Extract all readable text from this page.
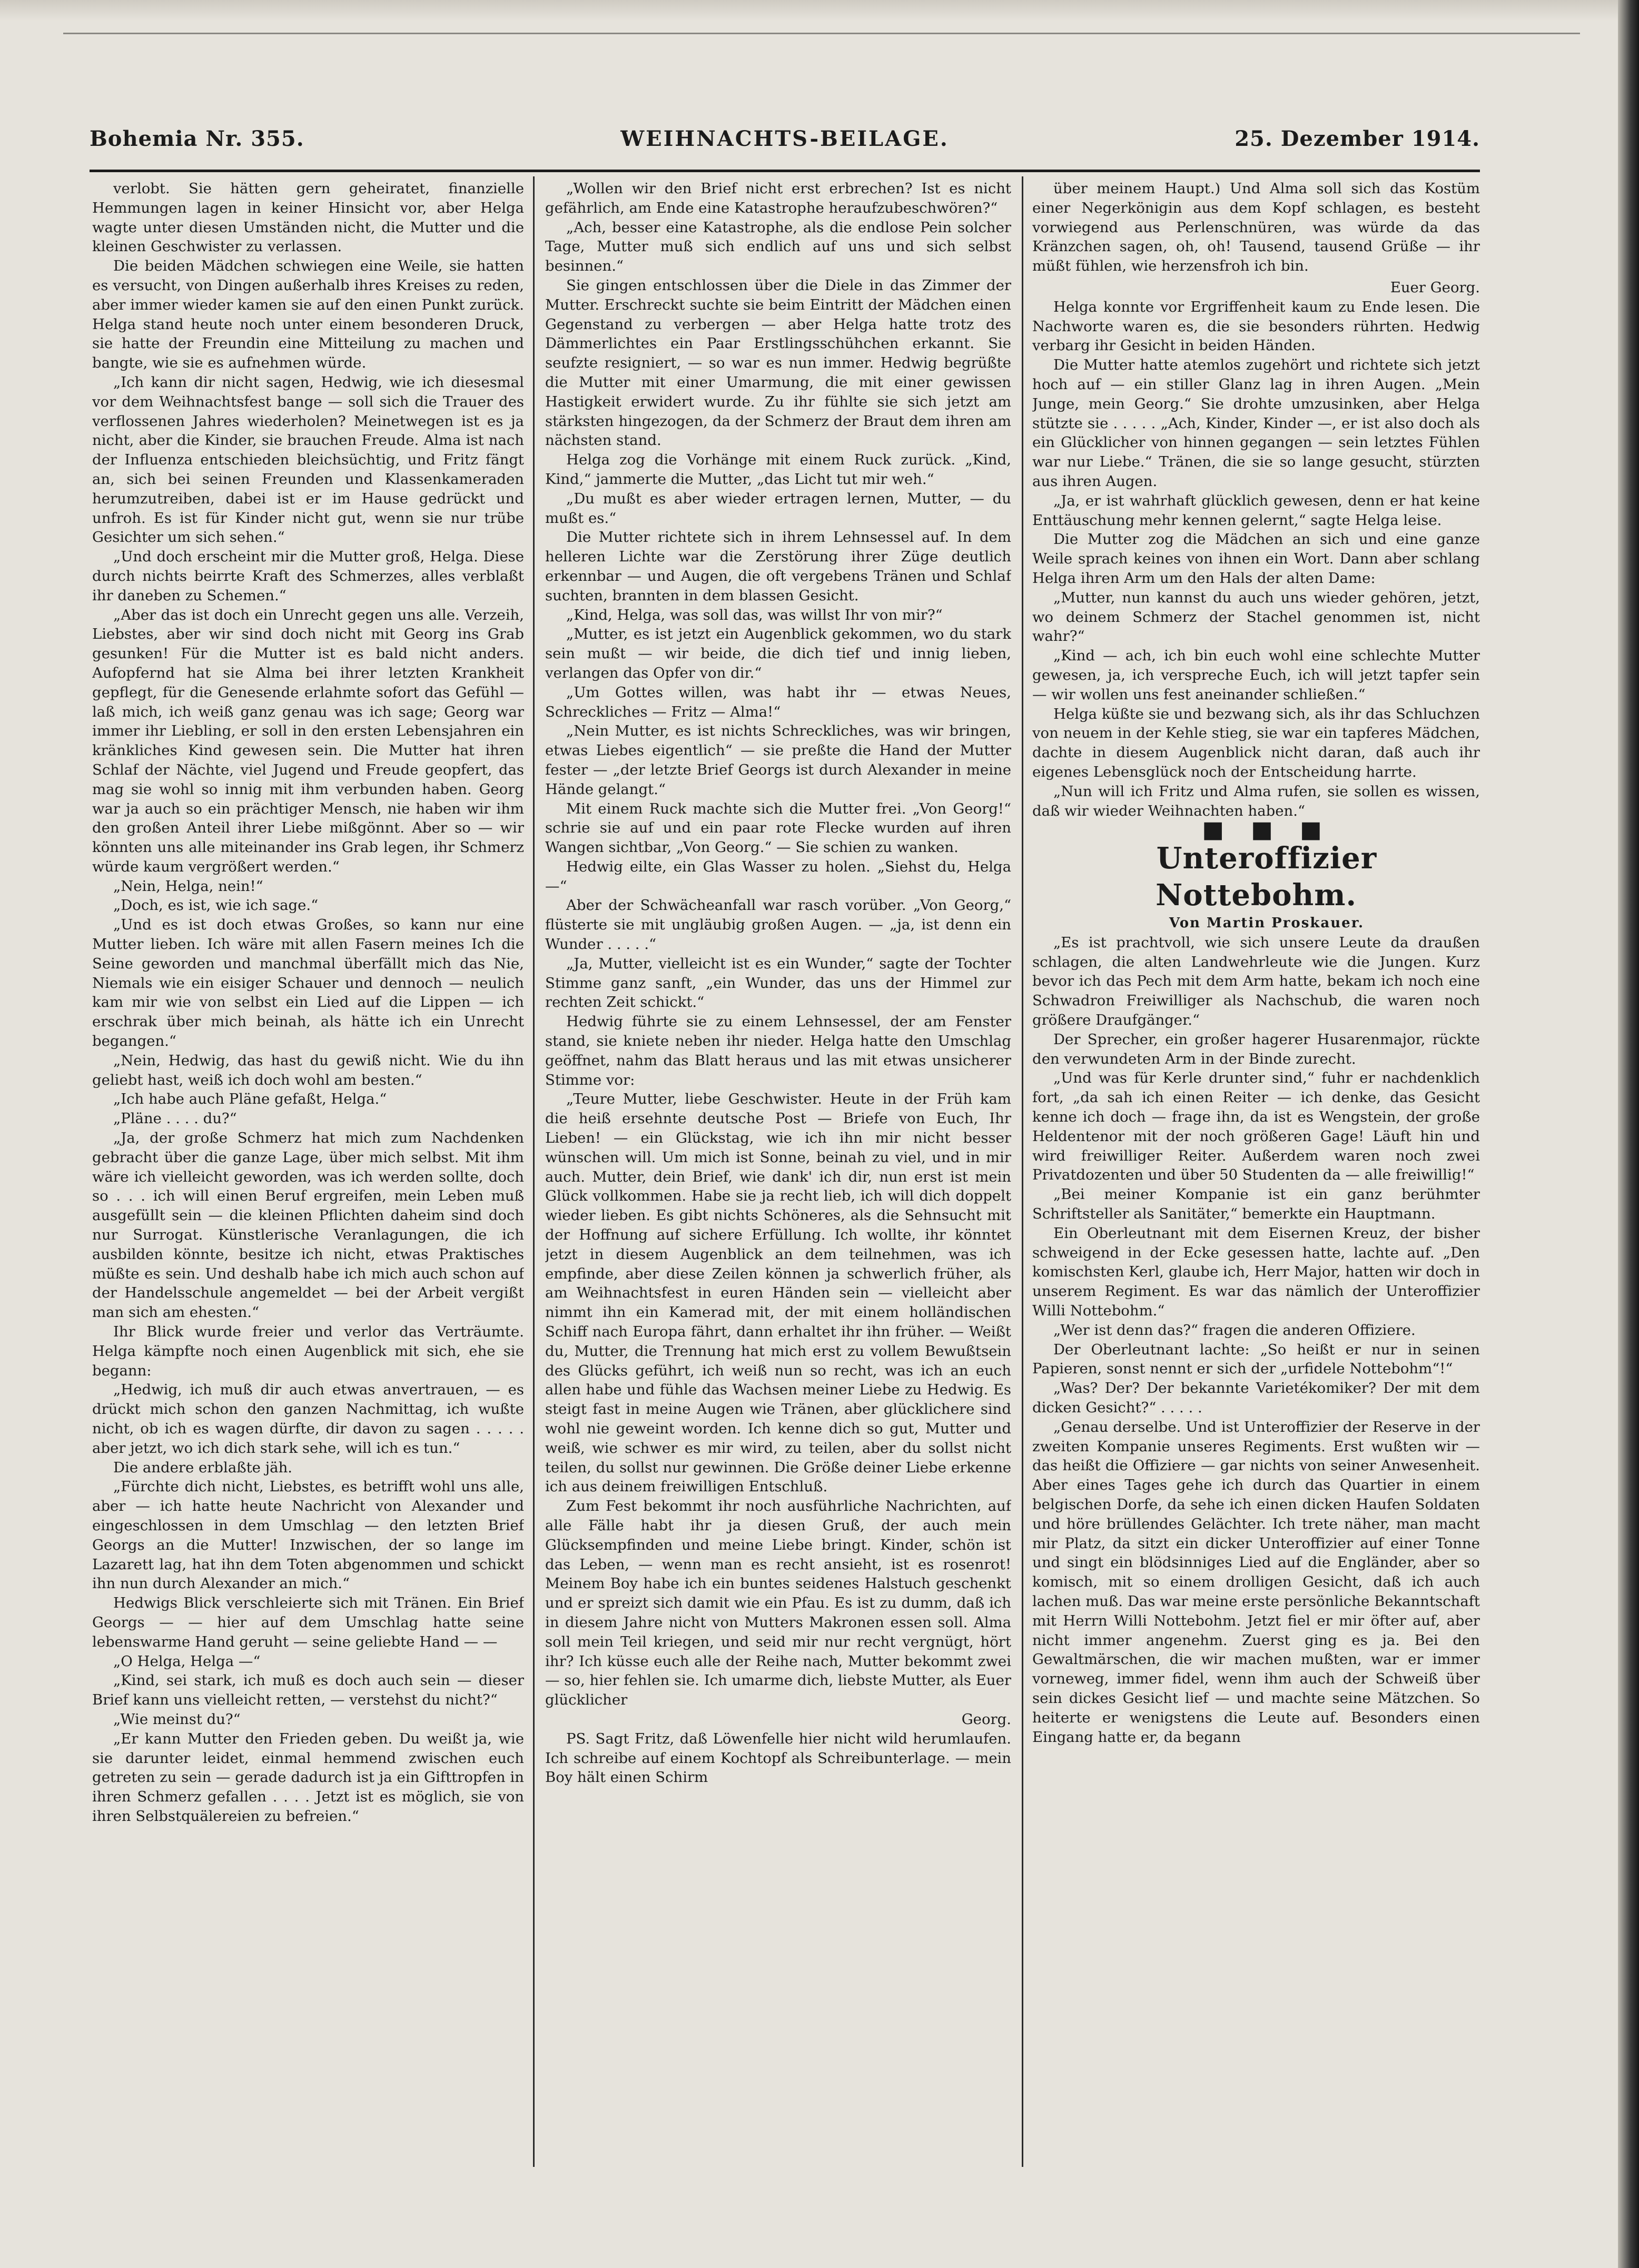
Bohemia Nr. 355.	WEIHNACHTS-BEILAGE.	25. Dezember 1914.

verlobt. Sie hätten gern geheiratet, finanzielle Hemmungen lagen in keiner Hinsicht vor, aber Helga wagte unter diesen Umständen nicht, die Mutter und die kleinen Geschwister zu verlassen.

Die beiden Mädchen schwiegen eine Weile, sie hatten es versucht, von Dingen außerhalb ihres Kreises zu reden, aber immer wieder kamen sie auf den einen Punkt zurück. Helga stand heute noch unter einem besonderen Druck, sie hatte der Freundin eine Mitteilung zu machen und bangte, wie sie es aufnehmen würde.

„Ich kann dir nicht sagen, Hedwig, wie ich diesesmal vor dem Weihnachtsfest bange — soll sich die Trauer des verflossenen Jahres wiederholen? Meinetwegen ist es ja nicht, aber die Kinder, sie brauchen Freude. Alma ist nach der Influenza entschieden bleichsüchtig, und Fritz fängt an, sich bei seinen Freunden und Klassenkameraden herumzutreiben, dabei ist er im Hause gedrückt und unfroh. Es ist für Kinder nicht gut, wenn sie nur trübe Gesichter um sich sehen.“

„Und doch erscheint mir die Mutter groß, Helga. Diese durch nichts beirrte Kraft des Schmerzes, alles verblaßt ihr daneben zu Schemen.“

„Aber das ist doch ein Unrecht gegen uns alle. Verzeih, Liebstes, aber wir sind doch nicht mit Georg ins Grab gesunken! Für die Mutter ist es bald nicht anders. Aufopfernd hat sie Alma bei ihrer letzten Krankheit gepflegt, für die Genesende erlahmte sofort das Gefühl — laß mich, ich weiß ganz genau was ich sage; Georg war immer ihr Liebling, er soll in den ersten Lebensjahren ein kränkliches Kind gewesen sein. Die Mutter hat ihren Schlaf der Nächte, viel Jugend und Freude geopfert, das mag sie wohl so innig mit ihm verbunden haben. Georg war ja auch so ein prächtiger Mensch, nie haben wir ihm den großen Anteil ihrer Liebe mißgönnt. Aber so — wir könnten uns alle miteinander ins Grab legen, ihr Schmerz würde kaum vergrößert werden.“

„Nein, Helga, nein!“

„Doch, es ist, wie ich sage.“

„Und es ist doch etwas Großes, so kann nur eine Mutter lieben. Ich wäre mit allen Fasern meines Ich die Seine geworden und manchmal überfällt mich das Nie, Niemals wie ein eisiger Schauer und dennoch — neulich kam mir wie von selbst ein Lied auf die Lippen — ich erschrak über mich beinah, als hätte ich ein Unrecht begangen.“

„Nein, Hedwig, das hast du gewiß nicht. Wie du ihn geliebt hast, weiß ich doch wohl am besten.“

„Ich habe auch Pläne gefaßt, Helga.“

„Pläne . . . . du?“

„Ja, der große Schmerz hat mich zum Nachdenken gebracht über die ganze Lage, über mich selbst. Mit ihm wäre ich vielleicht geworden, was ich werden sollte, doch so . . . ich will einen Beruf ergreifen, mein Leben muß ausgefüllt sein — die kleinen Pflichten daheim sind doch nur Surrogat. Künstlerische Veranlagungen, die ich ausbilden könnte, besitze ich nicht, etwas Praktisches müßte es sein. Und deshalb habe ich mich auch schon auf der Handelsschule angemeldet — bei der Arbeit vergißt man sich am ehesten.“

Ihr Blick wurde freier und verlor das Verträumte. Helga kämpfte noch einen Augenblick mit sich, ehe sie begann:

„Hedwig, ich muß dir auch etwas anvertrauen, — es drückt mich schon den ganzen Nachmittag, ich wußte nicht, ob ich es wagen dürfte, dir davon zu sagen . . . . . aber jetzt, wo ich dich stark sehe, will ich es tun.“

Die andere erblaßte jäh.

„Fürchte dich nicht, Liebstes, es betrifft wohl uns alle, aber — ich hatte heute Nachricht von Alexander und eingeschlossen in dem Umschlag — den letzten Brief Georgs an die Mutter! Inzwischen, der so lange im Lazarett lag, hat ihn dem Toten abgenommen und schickt ihn nun durch Alexander an mich.“

Hedwigs Blick verschleierte sich mit Tränen. Ein Brief Georgs — — hier auf dem Umschlag hatte seine lebenswarme Hand geruht — seine geliebte Hand — —

„O Helga, Helga —“

„Kind, sei stark, ich muß es doch auch sein — dieser Brief kann uns vielleicht retten, — verstehst du nicht?“

„Wie meinst du?“

„Er kann Mutter den Frieden geben. Du weißt ja, wie sie darunter leidet, einmal hemmend zwischen euch getreten zu sein — gerade dadurch ist ja ein Gifttropfen in ihren Schmerz gefallen . . . . Jetzt ist es möglich, sie von ihren Selbstquälereien zu befreien.“

„Wollen wir den Brief nicht erst erbrechen? Ist es nicht gefährlich, am Ende eine Katastrophe heraufzubeschwören?“

„Ach, besser eine Katastrophe, als die endlose Pein solcher Tage, Mutter muß sich endlich auf uns und sich selbst besinnen.“

Sie gingen entschlossen über die Diele in das Zimmer der Mutter. Erschreckt suchte sie beim Eintritt der Mädchen einen Gegenstand zu verbergen — aber Helga hatte trotz des Dämmerlichtes ein Paar Erstlingsschühchen erkannt. Sie seufzte resigniert, — so war es nun immer. Hedwig begrüßte die Mutter mit einer Umarmung, die mit einer gewissen Hastigkeit erwidert wurde. Zu ihr fühlte sie sich jetzt am stärksten hingezogen, da der Schmerz der Braut dem ihren am nächsten stand.

Helga zog die Vorhänge mit einem Ruck zurück. „Kind, Kind,“ jammerte die Mutter, „das Licht tut mir weh.“

„Du mußt es aber wieder ertragen lernen, Mutter, — du mußt es.“

Die Mutter richtete sich in ihrem Lehnsessel auf. In dem helleren Lichte war die Zerstörung ihrer Züge deutlich erkennbar — und Augen, die oft vergebens Tränen und Schlaf suchten, brannten in dem blassen Gesicht.

„Kind, Helga, was soll das, was willst Ihr von mir?“

„Mutter, es ist jetzt ein Augenblick gekommen, wo du stark sein mußt — wir beide, die dich tief und innig lieben, verlangen das Opfer von dir.“

„Um Gottes willen, was habt ihr — etwas Neues, Schreckliches — Fritz — Alma!“

„Nein Mutter, es ist nichts Schreckliches, was wir bringen, etwas Liebes eigentlich“ — sie preßte die Hand der Mutter fester — „der letzte Brief Georgs ist durch Alexander in meine Hände gelangt.“

Mit einem Ruck machte sich die Mutter frei. „Von Georg!“ schrie sie auf und ein paar rote Flecke wurden auf ihren Wangen sichtbar, „Von Georg.“ — Sie schien zu wanken.

Hedwig eilte, ein Glas Wasser zu holen. „Siehst du, Helga —“

Aber der Schwächeanfall war rasch vorüber. „Von Georg,“ flüsterte sie mit ungläubig großen Augen. — „ja, ist denn ein Wunder . . . . .“

„Ja, Mutter, vielleicht ist es ein Wunder,“ sagte der Tochter Stimme ganz sanft, „ein Wunder, das uns der Himmel zur rechten Zeit schickt.“

Hedwig führte sie zu einem Lehnsessel, der am Fenster stand, sie kniete neben ihr nieder. Helga hatte den Umschlag geöffnet, nahm das Blatt heraus und las mit etwas unsicherer Stimme vor:

„Teure Mutter, liebe Geschwister. Heute in der Früh kam die heiß ersehnte deutsche Post — Briefe von Euch, Ihr Lieben! — ein Glückstag, wie ich ihn mir nicht besser wünschen will. Um mich ist Sonne, beinah zu viel, und in mir auch. Mutter, dein Brief, wie dank' ich dir, nun erst ist mein Glück vollkommen. Habe sie ja recht lieb, ich will dich doppelt wieder lieben. Es gibt nichts Schöneres, als die Sehnsucht mit der Hoffnung auf sichere Erfüllung. Ich wollte, ihr könntet jetzt in diesem Augenblick an dem teilnehmen, was ich empfinde, aber diese Zeilen können ja schwerlich früher, als am Weihnachtsfest in euren Händen sein — vielleicht aber nimmt ihn ein Kamerad mit, der mit einem holländischen Schiff nach Europa fährt, dann erhaltet ihr ihn früher. — Weißt du, Mutter, die Trennung hat mich erst zu vollem Bewußtsein des Glücks geführt, ich weiß nun so recht, was ich an euch allen habe und fühle das Wachsen meiner Liebe zu Hedwig. Es steigt fast in meine Augen wie Tränen, aber glücklichere sind wohl nie geweint worden. Ich kenne dich so gut, Mutter und weiß, wie schwer es mir wird, zu teilen, aber du sollst nicht teilen, du sollst nur gewinnen. Die Größe deiner Liebe erkenne ich aus deinem freiwilligen Entschluß.

Zum Fest bekommt ihr noch ausführliche Nachrichten, auf alle Fälle habt ihr ja diesen Gruß, der auch mein Glücksempfinden und meine Liebe bringt. Kinder, schön ist das Leben, — wenn man es recht ansieht, ist es rosenrot! Meinem Boy habe ich ein buntes seidenes Halstuch geschenkt und er spreizt sich damit wie ein Pfau. Es ist zu dumm, daß ich in diesem Jahre nicht von Mutters Makronen essen soll. Alma soll mein Teil kriegen, und seid mir nur recht vergnügt, hört ihr? Ich küsse euch alle der Reihe nach, Mutter bekommt zwei — so, hier fehlen sie. Ich umarme dich, liebste Mutter, als Euer glücklicher

Georg.

PS. Sagt Fritz, daß Löwenfelle hier nicht wild herumlaufen. Ich schreibe auf einem Kochtopf als Schreibunterlage. — mein Boy hält einen Schirm

über meinem Haupt.) Und Alma soll sich das Kostüm einer Negerkönigin aus dem Kopf schlagen, es besteht vorwiegend aus Perlenschnüren, was würde da das Kränzchen sagen, oh, oh! Tausend, tausend Grüße — ihr müßt fühlen, wie herzensfroh ich bin.

Euer Georg.

Helga konnte vor Ergriffenheit kaum zu Ende lesen. Die Nachworte waren es, die sie besonders rührten. Hedwig verbarg ihr Gesicht in beiden Händen.

Die Mutter hatte atemlos zugehört und richtete sich jetzt hoch auf — ein stiller Glanz lag in ihren Augen. „Mein Junge, mein Georg.“ Sie drohte umzusinken, aber Helga stützte sie . . . . . „Ach, Kinder, Kinder —, er ist also doch als ein Glücklicher von hinnen gegangen — sein letztes Fühlen war nur Liebe.“ Tränen, die sie so lange gesucht, stürzten aus ihren Augen.

„Ja, er ist wahrhaft glücklich gewesen, denn er hat keine Enttäuschung mehr kennen gelernt,“ sagte Helga leise.

Die Mutter zog die Mädchen an sich und eine ganze Weile sprach keines von ihnen ein Wort. Dann aber schlang Helga ihren Arm um den Hals der alten Dame:

„Mutter, nun kannst du auch uns wieder gehören, jetzt, wo deinem Schmerz der Stachel genommen ist, nicht wahr?“

„Kind — ach, ich bin euch wohl eine schlechte Mutter gewesen, ja, ich verspreche Euch, ich will jetzt tapfer sein — wir wollen uns fest aneinander schließen.“

Helga küßte sie und bezwang sich, als ihr das Schluchzen von neuem in der Kehle stieg, sie war ein tapferes Mädchen, dachte in diesem Augenblick nicht daran, daß auch ihr eigenes Lebensglück noch der Entscheidung harrte.

„Nun will ich Fritz und Alma rufen, sie sollen es wissen, daß wir wieder Weihnachten haben.“

■ ■ ■

Unteroffizier Nottebohm.

Von Martin Proskauer.

„Es ist prachtvoll, wie sich unsere Leute da draußen schlagen, die alten Landwehrleute wie die Jungen. Kurz bevor ich das Pech mit dem Arm hatte, bekam ich noch eine Schwadron Freiwilliger als Nachschub, die waren noch größere Draufgänger.“

Der Sprecher, ein großer hagerer Husarenmajor, rückte den verwundeten Arm in der Binde zurecht.

„Und was für Kerle drunter sind,“ fuhr er nachdenklich fort, „da sah ich einen Reiter — ich denke, das Gesicht kenne ich doch — frage ihn, da ist es Wengstein, der große Heldentenor mit der noch größeren Gage! Läuft hin und wird freiwilliger Reiter. Außerdem waren noch zwei Privatdozenten und über 50 Studenten da — alle freiwillig!“

„Bei meiner Kompanie ist ein ganz berühmter Schriftsteller als Sanitäter,“ bemerkte ein Hauptmann.

Ein Oberleutnant mit dem Eisernen Kreuz, der bisher schweigend in der Ecke gesessen hatte, lachte auf. „Den komischsten Kerl, glaube ich, Herr Major, hatten wir doch in unserem Regiment. Es war das nämlich der Unteroffizier Willi Nottebohm.“

„Wer ist denn das?“ fragen die anderen Offiziere.

Der Oberleutnant lachte: „So heißt er nur in seinen Papieren, sonst nennt er sich der „urfidele Nottebohm“!“

„Was? Der? Der bekannte Varietékomiker? Der mit dem dicken Gesicht?“ . . . . .

„Genau derselbe. Und ist Unteroffizier der Reserve in der zweiten Kompanie unseres Regiments. Erst wußten wir — das heißt die Offiziere — gar nichts von seiner Anwesenheit. Aber eines Tages gehe ich durch das Quartier in einem belgischen Dorfe, da sehe ich einen dicken Haufen Soldaten und höre brüllendes Gelächter. Ich trete näher, man macht mir Platz, da sitzt ein dicker Unteroffizier auf einer Tonne und singt ein blödsinniges Lied auf die Engländer, aber so komisch, mit so einem drolligen Gesicht, daß ich auch lachen muß. Das war meine erste persönliche Bekanntschaft mit Herrn Willi Nottebohm. Jetzt fiel er mir öfter auf, aber nicht immer angenehm. Zuerst ging es ja. Bei den Gewaltmärschen, die wir machen mußten, war er immer vorneweg, immer fidel, wenn ihm auch der Schweiß über sein dickes Gesicht lief — und machte seine Mätzchen. So heiterte er wenigstens die Leute auf. Besonders einen Eingang hatte er, da begann
